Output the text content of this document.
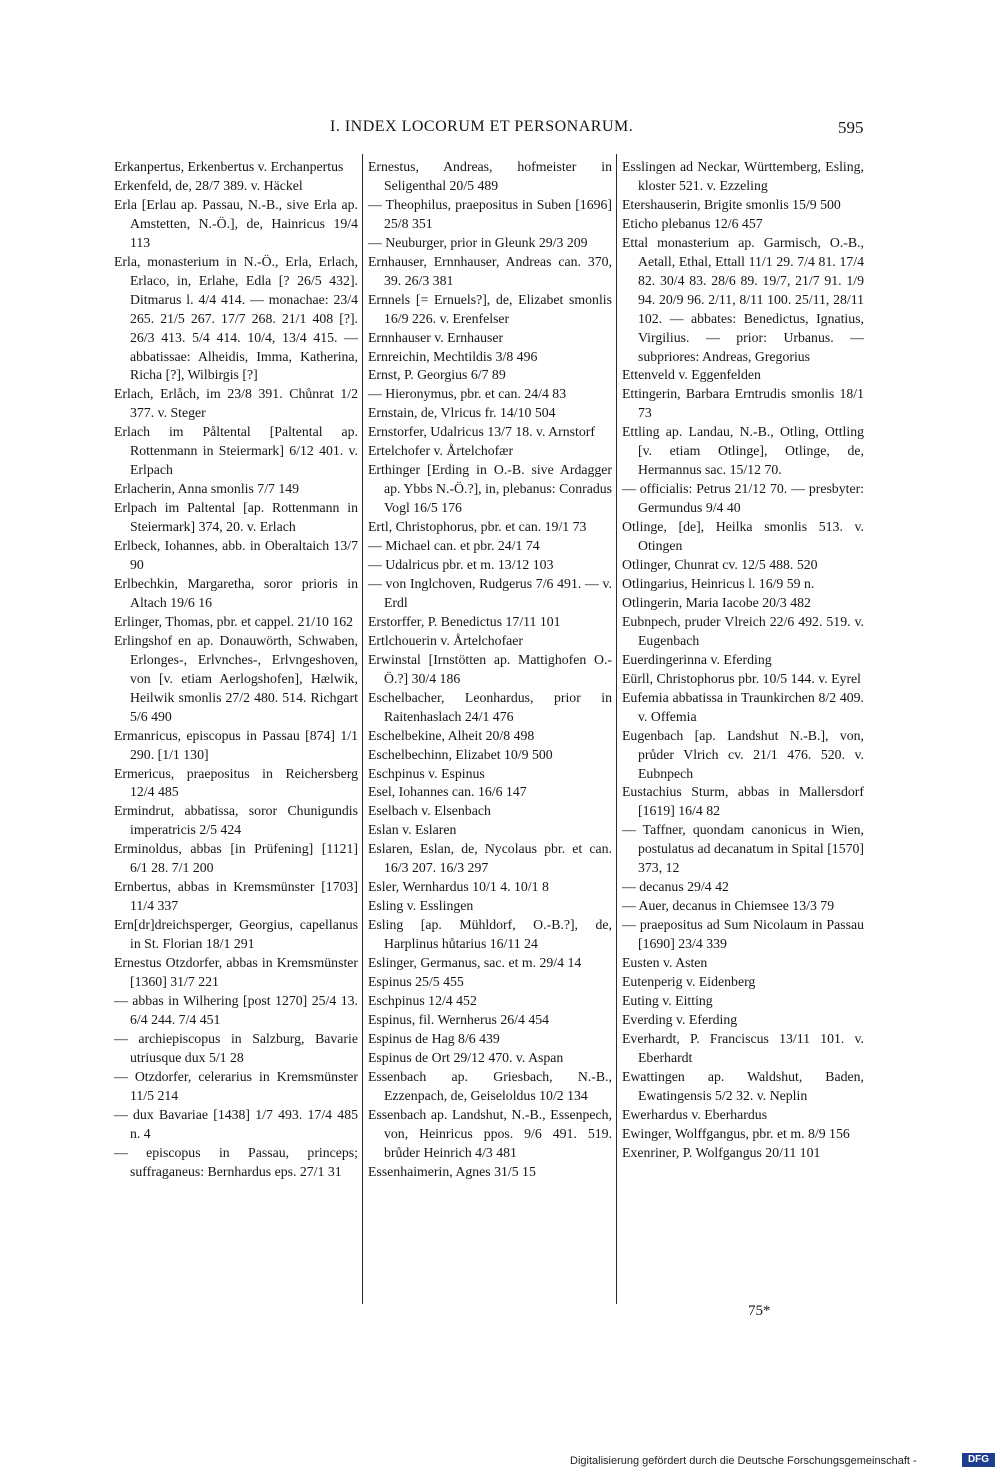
I. INDEX LOCORUM ET PERSONARUM.	595
Erkanpertus, Erkenbertus v. Erchanpertus
Erkenfeld, de, 28/7 389. v. Häckel
Erla [Erlau ap. Passau, N.-B., sive Erla ap. Amstetten, N.-Ö.], de, Hainricus 19/4 113
Erla, monasterium in N.-Ö., Erla, Erlach, Erlaco, in, Erlahe, Edla [? 26/5 432]. Ditmarus l. 4/4 414. — monachae: 23/4 265. 21/5 267. 17/7 268. 21/1 408 [?]. 26/3 413. 5/4 414. 10/4, 13/4 415. — abbatissae: Alheidis, Imma, Katherina, Richa [?], Wilbirgis [?]
Erlach, Erlåch, im 23/8 391. Chůnrat 1/2 377. v. Steger
Erlach im Påltental [Paltental ap. Rottenmann in Steiermark] 6/12 401. v. Erlpach
Erlacherin, Anna smonlis 7/7 149
Erlpach im Paltental [ap. Rottenmann in Steiermark] 374, 20. v. Erlach
Erlbeck, Iohannes, abb. in Oberaltaich 13/7 90
Erlbechkin, Margaretha, soror prioris in Altach 19/6 16
Erlinger, Thomas, pbr. et cappel. 21/10 162
Erlingshof en ap. Donauwörth, Schwaben, Erlonges-, Erlvnches-, Erlvngeshoven, von [v. etiam Aerlogshofen], Hælwik, Heilwik smonlis 27/2 480. 514. Richgart 5/6 490
Ermanricus, episcopus in Passau [874] 1/1 290. [1/1 130]
Ermericus, praepositus in Reichersberg 12/4 485
Ermindrut, abbatissa, soror Chunigundis imperatricis 2/5 424
Erminoldus, abbas [in Prüfening] [1121] 6/1 28. 7/1 200
Ernbertus, abbas in Kremsmünster [1703] 11/4 337
Ern[dr]dreichsperger, Georgius, capellanus in St. Florian 18/1 291
Ernestus Otzdorfer, abbas in Kremsmünster [1360] 31/7 221
— abbas in Wilhering [post 1270] 25/4 13. 6/4 244. 7/4 451
— archiepiscopus in Salzburg, Bavarie utriusque dux 5/1 28
— Otzdorfer, celerarius in Kremsmünster 11/5 214
— dux Bavariae [1438] 1/7 493. 17/4 485 n. 4
— episcopus in Passau, princeps; suffraganeus: Bernhardus eps. 27/1 31
Ernestus, Andreas, hofmeister in Seligenthal 20/5 489
— Theophilus, praepositus in Suben [1696] 25/8 351
— Neuburger, prior in Gleunk 29/3 209
Ernhauser, Ernnhauser, Andreas can. 370, 39. 26/3 381
Ernnels [= Ernuels?], de, Elizabet smonlis 16/9 226. v. Erenfelser
Ernnhauser v. Ernhauser
Ernreichin, Mechtildis 3/8 496
Ernst, P. Georgius 6/7 89
— Hieronymus, pbr. et can. 24/4 83
Ernstain, de, Vlricus fr. 14/10 504
Ernstorfer, Udalricus 13/7 18. v. Arnstorf
Ertelchofer v. Årtelchofær
Erthinger [Erding in O.-B. sive Ardagger ap. Ybbs N.-Ö.?], in, plebanus: Conradus Vogl 16/5 176
Ertl, Christophorus, pbr. et can. 19/1 73
— Michael can. et pbr. 24/1 74
— Udalricus pbr. et m. 13/12 103
— von Inglchoven, Rudgerus 7/6 491. — v. Erdl
Erstorffer, P. Benedictus 17/11 101
Ertlchouerin v. Årtelchofaer
Erwinstal [Irnstötten ap. Mattighofen O.-Ö.?] 30/4 186
Eschelbacher, Leonhardus, prior in Raitenhaslach 24/1 476
Eschelbekine, Alheit 20/8 498
Eschelbechinn, Elizabet 10/9 500
Eschpinus v. Espinus
Esel, Iohannes can. 16/6 147
Eselbach v. Elsenbach
Eslan v. Eslaren
Eslaren, Eslan, de, Nycolaus pbr. et can. 16/3 207. 16/3 297
Esler, Wernhardus 10/1 4. 10/1 8
Esling v. Esslingen
Esling [ap. Mühldorf, O.-B.?], de, Harplinus hůtarius 16/11 24
Eslinger, Germanus, sac. et m. 29/4 14
Espinus 25/5 455
Eschpinus 12/4 452
Espinus, fil. Wernherus 26/4 454
Espinus de Hag 8/6 439
Espinus de Ort 29/12 470. v. Aspan
Essenbach ap. Griesbach, N.-B., Ezzenpach, de, Geiseloldus 10/2 134
Essenbach ap. Landshut, N.-B., Essenpech, von, Heinricus ppos. 9/6 491. 519. brůder Heinrich 4/3 481
Essenhaimerin, Agnes 31/5 15
Esslingen ad Neckar, Württemberg, Esling, kloster 521. v. Ezzeling
Etershauserin, Brigite smonlis 15/9 500
Eticho plebanus 12/6 457
Ettal monasterium ap. Garmisch, O.-B., Aetall, Ethal, Ettall 11/1 29. 7/4 81. 17/4 82. 30/4 83. 28/6 89. 19/7, 21/7 91. 1/9 94. 20/9 96. 2/11, 8/11 100. 25/11, 28/11 102. — abbates: Benedictus, Ignatius, Virgilius. — prior: Urbanus. — subpriores: Andreas, Gregorius
Ettenveld v. Eggenfelden
Ettingerin, Barbara Erntrudis smonlis 18/1 73
Ettling ap. Landau, N.-B., Otling, Ottling [v. etiam Otlinge], Otlinge, de, Hermannus sac. 15/12 70.
— officialis: Petrus 21/12 70. — presbyter: Germundus 9/4 40
Otlinge, [de], Heilka smonlis 513. v. Otingen
Otlinger, Chunrat cv. 12/5 488. 520
Otlingarius, Heinricus l. 16/9 59 n.
Otlingerin, Maria Iacobe 20/3 482
Eubnpech, pruder Vlreich 22/6 492. 519. v. Eugenbach
Euerdingerinna v. Eferding
Eürll, Christophorus pbr. 10/5 144. v. Eyrel
Eufemia abbatissa in Traunkirchen 8/2 409. v. Offemia
Eugenbach [ap. Landshut N.-B.], von, průder Vlrich cv. 21/1 476. 520. v. Eubnpech
Eustachius Sturm, abbas in Mallersdorf [1619] 16/4 82
— Taffner, quondam canonicus in Wien, postulatus ad decanatum in Spital [1570] 373, 12
— decanus 29/4 42
— Auer, decanus in Chiemsee 13/3 79
— praepositus ad Sum Nicolaum in Passau [1690] 23/4 339
Eusten v. Asten
Eutenperig v. Eidenberg
Euting v. Eitting
Everding v. Eferding
Everhardt, P. Franciscus 13/11 101. v. Eberhardt
Ewattingen ap. Waldshut, Baden, Ewatingensis 5/2 32. v. Neplin
Ewerhardus v. Eberhardus
Ewinger, Wolffgangus, pbr. et m. 8/9 156
Exenriner, P. Wolfgangus 20/11 101
75*
Digitalisierung gefördert durch die Deutsche Forschungsgemeinschaft -	DFG
